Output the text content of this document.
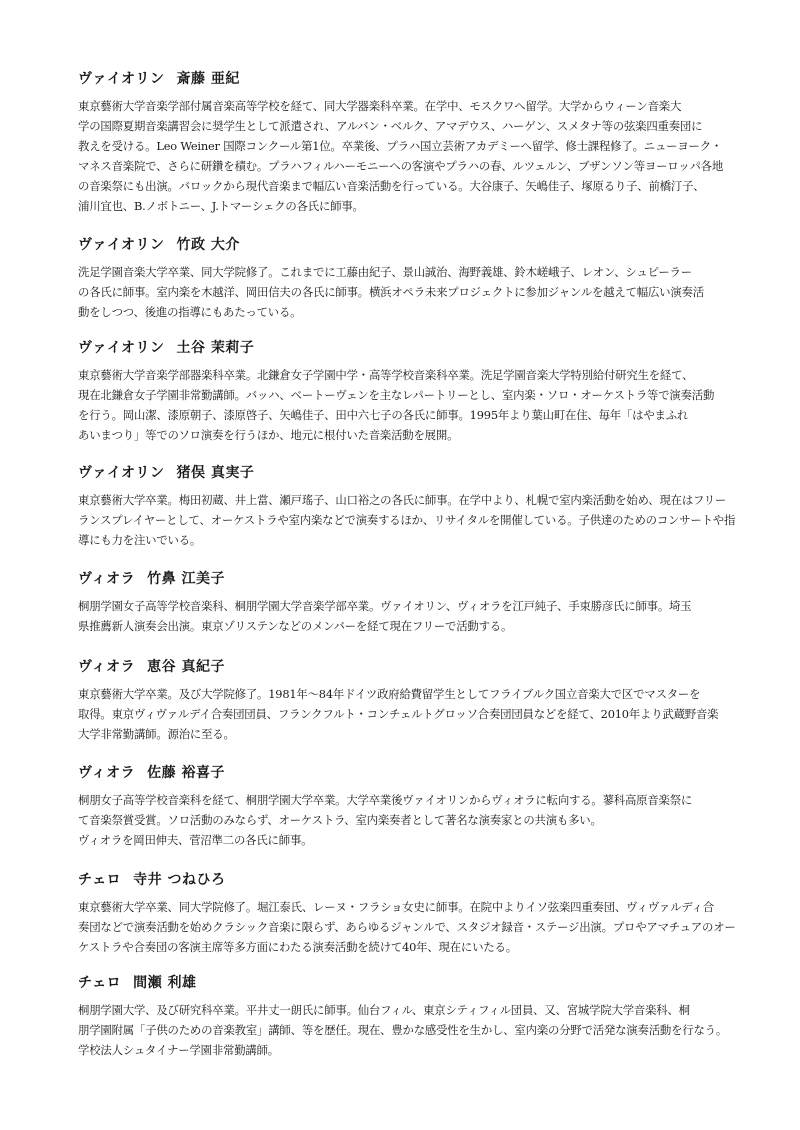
ヴァイオリン 斎藤 亜紀
東京藝術大学音楽学部付属音楽高等学校を経て、同大学器楽科卒業。在学中、モスクワへ留学。大学からウィーン音楽大
学の国際夏期音楽講習会に奨学生として派遣され、アルバン・ベルク、アマデウス、ハーゲン、スメタナ等の弦楽四重奏団に
教えを受ける。Leo Weiner 国際コンクール第1位。卒業後、プラハ国立芸術アカデミーへ留学、修士課程修了。ニューヨーク・
マネス音楽院で、さらに研鑽を積む。プラハフィルハーモニーへの客演やプラハの春、ルツェルン、ブザンソン等ヨーロッパ各地
の音楽祭にも出演。バロックから現代音楽まで幅広い音楽活動を行っている。大谷康子、矢嶋佳子、塚原るり子、前橋汀子、
浦川宜也、B.ノボトニー、J.トマーシェクの各氏に師事。
ヴァイオリン 竹政 大介
洗足学園音楽大学卒業、同大学院修了。これまでに工藤由紀子、景山誠治、海野義雄、鈴木嵯峨子、レオン、シュピーラー
の各氏に師事。室内楽を木越洋、岡田信夫の各氏に師事。横浜オペラ未来プロジェクトに参加ジャンルを越えて幅広い演奏活
動をしつつ、後進の指導にもあたっている。
ヴァイオリン 土谷 茉莉子
東京藝術大学音楽学部器楽科卒業。北鎌倉女子学園中学・高等学校音楽科卒業。洗足学園音楽大学特別給付研究生を経て、
現在北鎌倉女子学園非常勤講師。バッハ、ベートーヴェンを主なレパートリーとし、室内楽・ソロ・オーケストラ等で演奏活動
を行う。岡山潔、漆原朝子、漆原啓子、矢嶋佳子、田中六七子の各氏に師事。1995年より葉山町在住、毎年「はやまふれ
あいまつり」等でのソロ演奏を行うほか、地元に根付いた音楽活動を展開。
ヴァイオリン 猪俣 真実子
東京藝術大学卒業。梅田初蔵、井上當、瀬戸瑤子、山口裕之の各氏に師事。在学中より、札幌で室内楽活動を始め、現在はフリー
ランスプレイヤーとして、オーケストラや室内楽などで演奏するほか、リサイタルを開催している。子供達のためのコンサートや指
導にも力を注いでいる。
ヴィオラ 竹鼻 江美子
桐朋学園女子高等学校音楽科、桐朋学園大学音楽学部卒業。ヴァイオリン、ヴィオラを江戸純子、手束勝彦氏に師事。埼玉
県推薦新人演奏会出演。東京ゾリステンなどのメンバーを経て現在フリーで活動する。
ヴィオラ 恵谷 真紀子
東京藝術大学卒業。及び大学院修了。1981年～84年ドイツ政府給費留学生としてフライブルク国立音楽大で区でマスターを
取得。東京ヴィヴァルデイ合奏団団員、フランクフルト・コンチェルトグロッソ合奏団団員などを経て、2010年より武蔵野音楽
大学非常勤講師。源治に至る。
ヴィオラ 佐藤 裕喜子
桐朋女子高等学校音楽科を経て、桐朋学園大学卒業。大学卒業後ヴァイオリンからヴィオラに転向する。蓼科高原音楽祭に
て音楽祭賞受賞。ソロ活動のみならず、オーケストラ、室内楽奏者として著名な演奏家との共演も多い。
ヴィオラを岡田伸夫、菅沼準二の各氏に師事。
チェロ 寺井 つねひろ
東京藝術大学卒業、同大学院修了。堀江泰氏、レーヌ・フラショ女史に師事。在院中よりイソ弦楽四重奏団、ヴィヴァルディ合
奏団などで演奏活動を始めクラシック音楽に限らず、あらゆるジャンルで、スタジオ録音・ステージ出演。プロやアマチュアのオー
ケストラや合奏団の客演主席等多方面にわたる演奏活動を続けて40年、現在にいたる。
チェロ 間瀬 利雄
桐朋学園大学、及び研究科卒業。平井丈一朗氏に師事。仙台フィル、東京シティフィル団員、又、宮城学院大学音楽科、桐
朋学園附属「子供のための音楽教室」講師、等を歴任。現在、豊かな感受性を生かし、室内楽の分野で活発な演奏活動を行なう。
学校法人シュタイナー学園非常勤講師。
